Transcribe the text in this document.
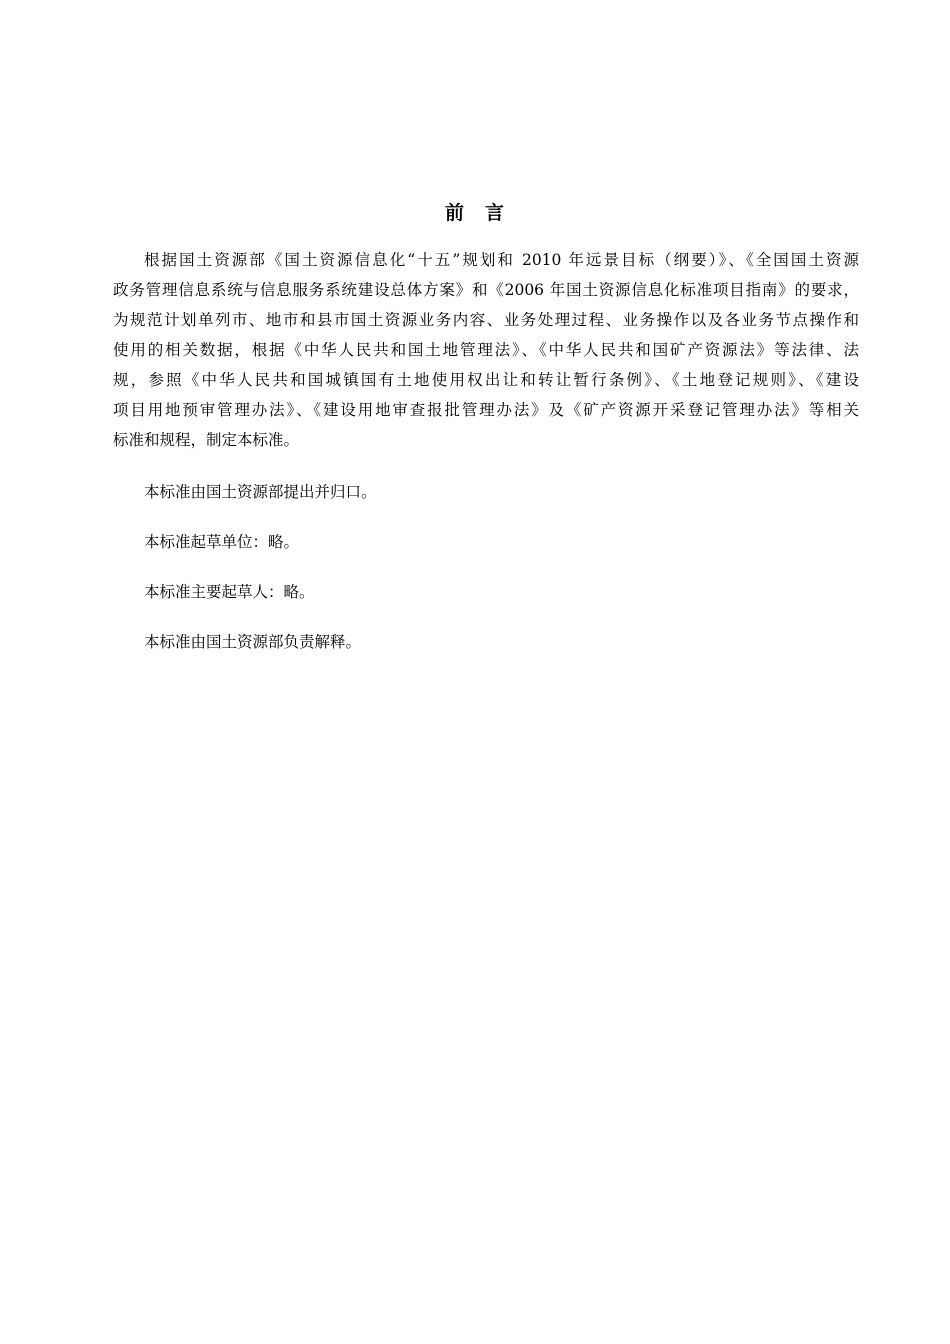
前　言

根据国土资源部《国土资源信息化“十五”规划和 2010 年远景目标（纲要）》、《全国国土资源
政务管理信息系统与信息服务系统建设总体方案》和《2006 年国土资源信息化标准项目指南》的要求，
为规范计划单列市、地市和县市国土资源业务内容、业务处理过程、业务操作以及各业务节点操作和
使用的相关数据，根据《中华人民共和国土地管理法》、《中华人民共和国矿产资源法》等法律、法
规，参照《中华人民共和国城镇国有土地使用权出让和转让暂行条例》、《土地登记规则》、《建设
项目用地预审管理办法》、《建设用地审查报批管理办法》及《矿产资源开采登记管理办法》等相关
标准和规程，制定本标准。

本标准由国土资源部提出并归口。

本标准起草单位：略。

本标准主要起草人：略。

本标准由国土资源部负责解释。
